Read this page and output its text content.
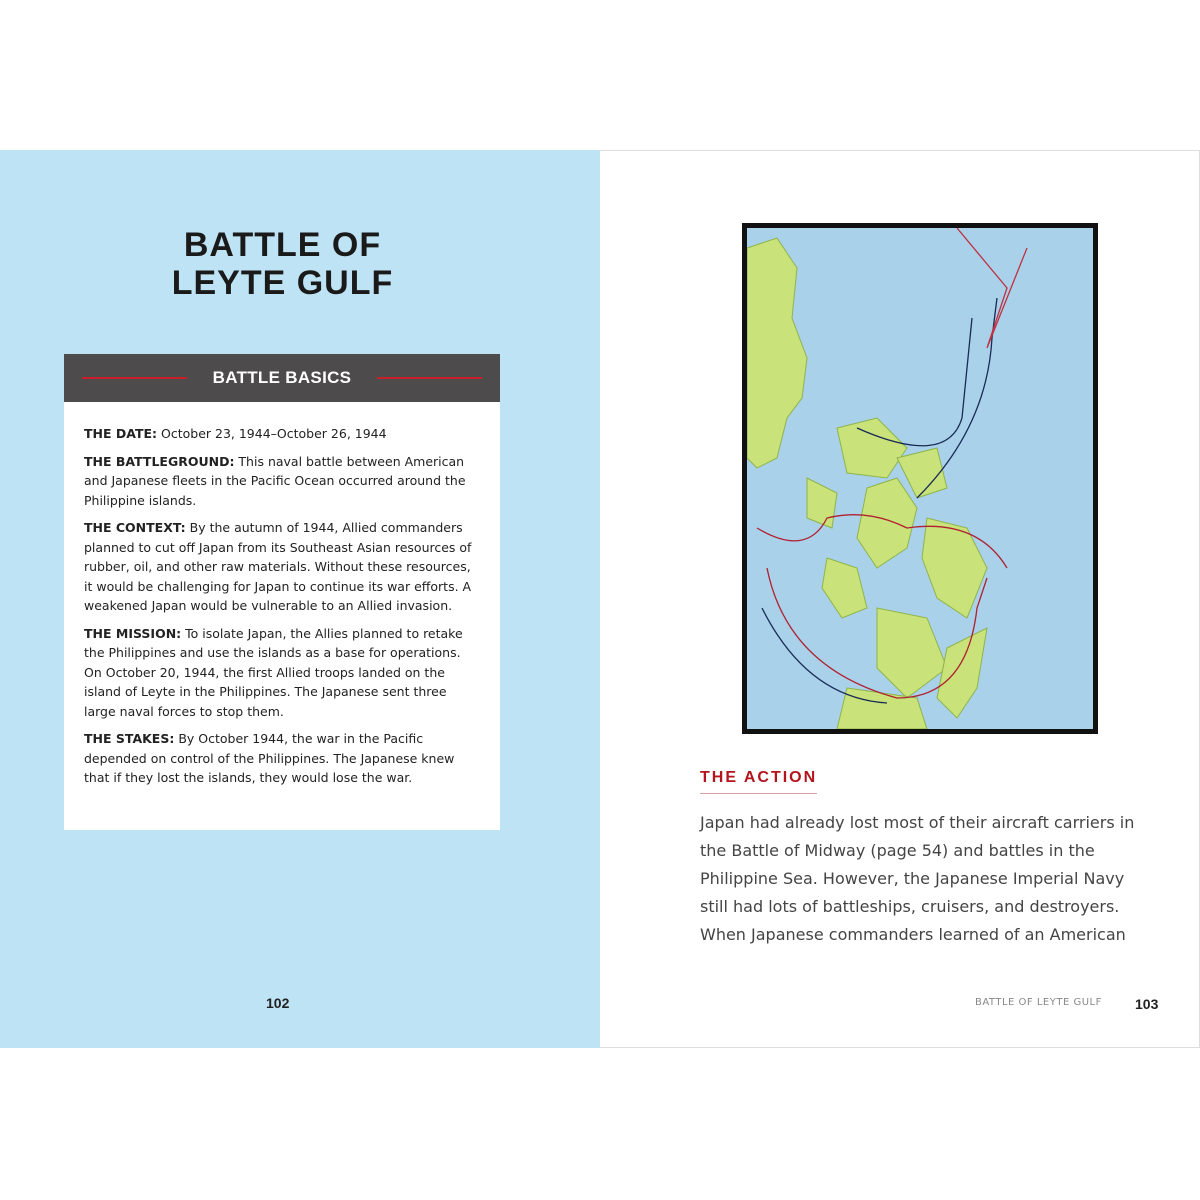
BATTLE OF
LEYTE GULF
BATTLE BASICS

THE DATE: October 23, 1944–October 26, 1944

THE BATTLEGROUND: This naval battle between American and Japanese fleets in the Pacific Ocean occurred around the Philippine islands.

THE CONTEXT: By the autumn of 1944, Allied commanders planned to cut off Japan from its Southeast Asian resources of rubber, oil, and other raw materials. Without these resources, it would be challenging for Japan to continue its war efforts. A weakened Japan would be vulnerable to an Allied invasion.

THE MISSION: To isolate Japan, the Allies planned to retake the Philippines and use the islands as a base for operations. On October 20, 1944, the first Allied troops landed on the island of Leyte in the Philippines. The Japanese sent three large naval forces to stop them.

THE STAKES: By October 1944, the war in the Pacific depended on control of the Philippines. The Japanese knew that if they lost the islands, they would lose the war.

102
THE ACTION
Japan had already lost most of their aircraft carriers in the Battle of Midway (page 54) and battles in the Philippine Sea. However, the Japanese Imperial Navy still had lots of battleships, cruisers, and destroyers. When Japanese commanders learned of an American
BATTLE OF LEYTE GULF 103
